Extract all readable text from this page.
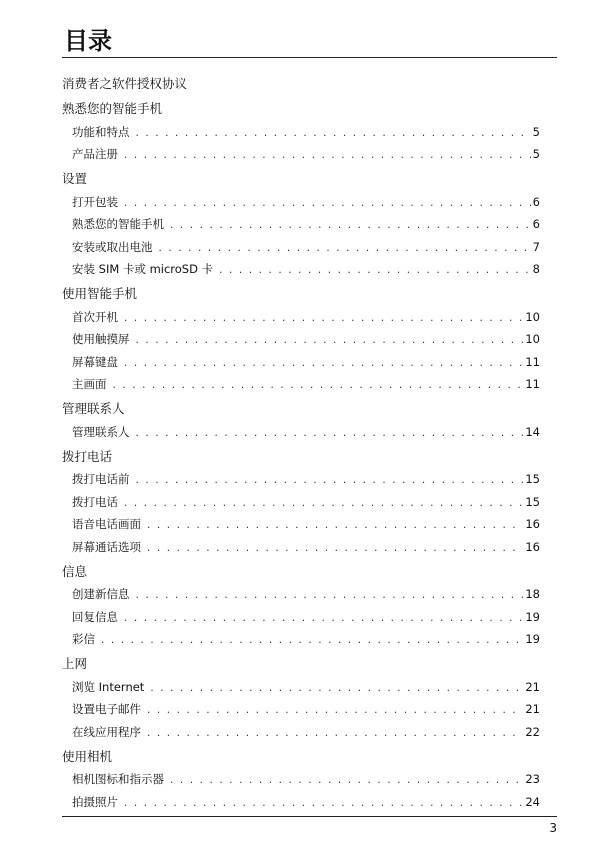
目录
消费者之软件授权协议
熟悉您的智能手机
功能和特点 . . .	5
产品注册 . . .	5
设置
打开包装 . . .	6
熟悉您的智能手机 . . .	6
安装或取出电池 . . .	7
安装 SIM 卡或 microSD 卡 . . .	8
使用智能手机
首次开机 . . .	10
使用触摸屏 . . .	10
屏幕键盘 . . .	11
主画面 . . .	11
管理联系人
管理联系人 . . .	14
拨打电话
拨打电话前 . . .	15
拨打电话 . . .	15
语音电话画面 . . .	16
屏幕通话选项 . . .	16
信息
创建新信息 . . .	18
回复信息 . . .	19
彩信 . . .	19
上网
浏览 Internet . . .	21
设置电子邮件 . . .	21
在线应用程序 . . .	22
使用相机
相机图标和指示器 . . .	23
拍摄照片 . . .	24
3
